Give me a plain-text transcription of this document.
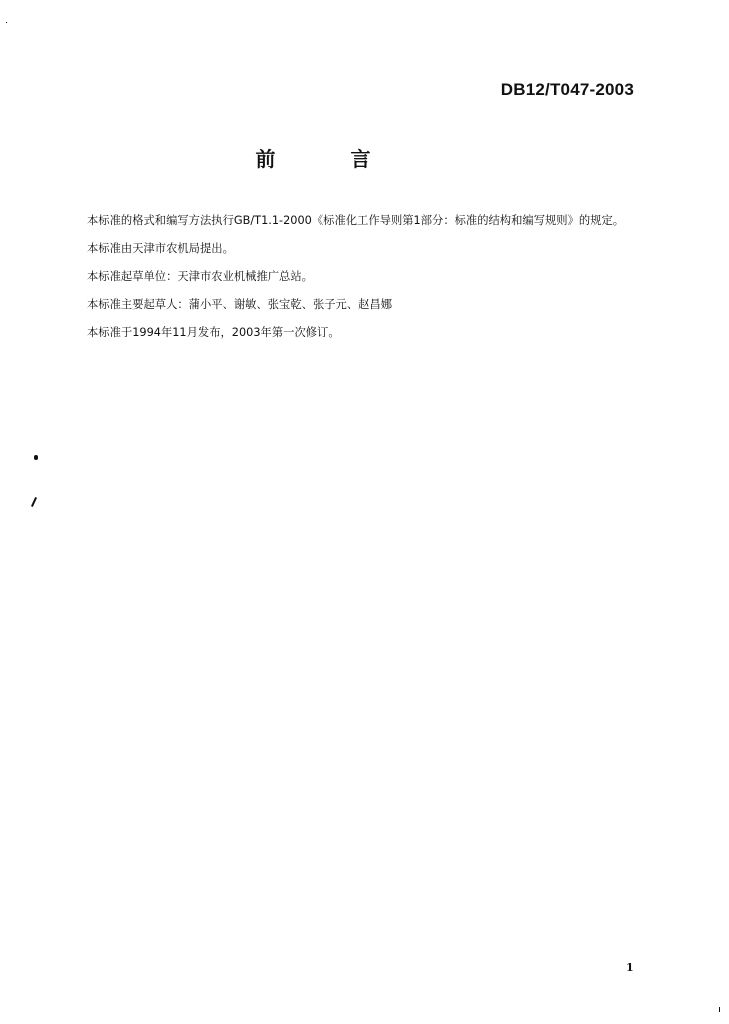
DB12/T047-2003
前 言

本标准的格式和编写方法执行GB/T1.1-2000《标准化工作导则第1部分：标准的结构和编写规则》的规定。

本标准由天津市农机局提出。

本标准起草单位：天津市农业机械推广总站。

本标准主要起草人：蒲小平、谢敏、张宝乾、张子元、赵昌娜

本标准于1994年11月发布，2003年第一次修订。

1
